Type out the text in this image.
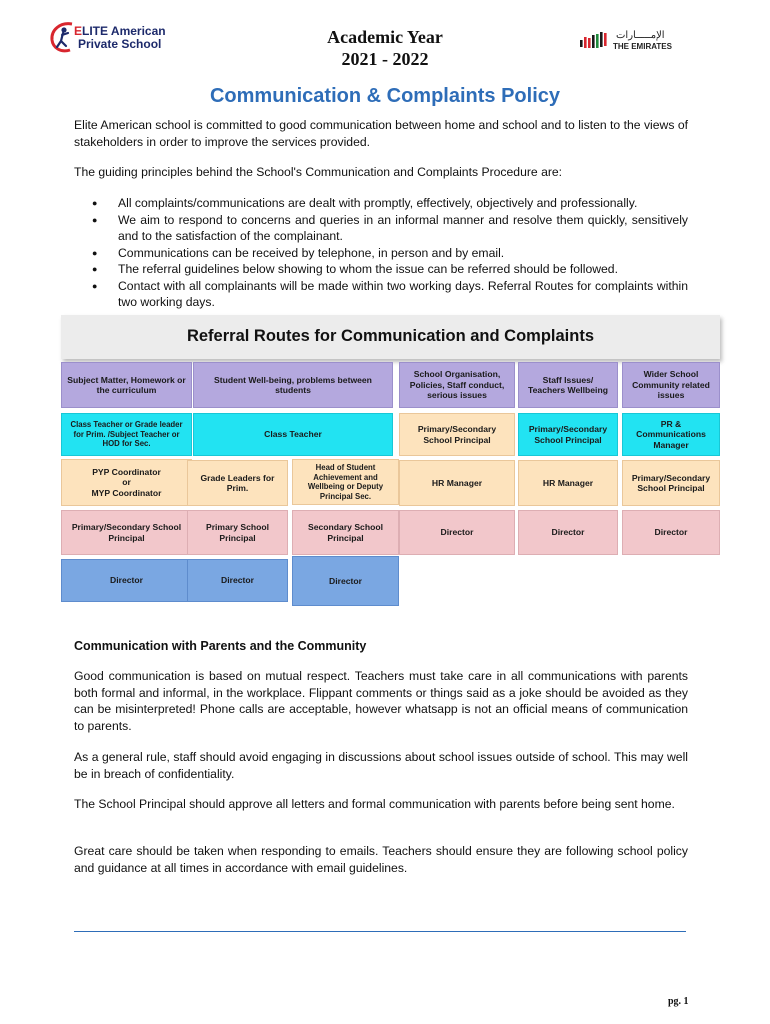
ELITE American
Private School	Academic Year
2021 - 2022
الإمـــــارات
THE EMIRATES
Communication & Complaints Policy
Elite American school is committed to good communication between home and school and to listen to the views of stakeholders in order to improve the services provided.
The guiding principles behind the School's Communication and Complaints Procedure are:
● All complaints/communications are dealt with promptly, effectively, objectively and professionally.
● We aim to respond to concerns and queries in an informal manner and resolve them quickly, sensitively and to the satisfaction of the complainant.
● Communications can be received by telephone, in person and by email.
● The referral guidelines below showing to whom the issue can be referred should be followed.
● Contact with all complainants will be made within two working days. Referral Routes for complaints within two working days.
Referral Routes for Communication and Complaints
Subject Matter, Homework or the curriculum
Class Teacher or Grade leader for Prim. /Subject Teacher or HOD for Sec.
PYP Coordinator
or
MYP Coordinator
Primary/Secondary School Principal
Director
Student Well-being, problems between students
Class Teacher
Grade Leaders for Prim.
Primary School Principal
Director
Head of Student Achievement and Wellbeing or Deputy Principal Sec.
Secondary School Principal
Director
School Organisation, Policies, Staff conduct, serious issues
Primary/Secondary School Principal
HR Manager
Director
Staff Issues/ Teachers Wellbeing
Primary/Secondary School Principal
HR Manager
Director
Wider School Community related issues
PR & Communications Manager
Primary/Secondary School Principal
Director
Communication with Parents and the Community
Good communication is based on mutual respect. Teachers must take care in all communications with parents both formal and informal, in the workplace. Flippant comments or things said as a joke should be avoided as they can be misinterpreted! Phone calls are acceptable, however whatsapp is not an official means of communication to parents.
As a general rule, staff should avoid engaging in discussions about school issues outside of school. This may well be in breach of confidentiality.
The School Principal should approve all letters and formal communication with parents before being sent home.
Great care should be taken when responding to emails. Teachers should ensure they are following school policy and guidance at all times in accordance with email guidelines.
pg. 1
